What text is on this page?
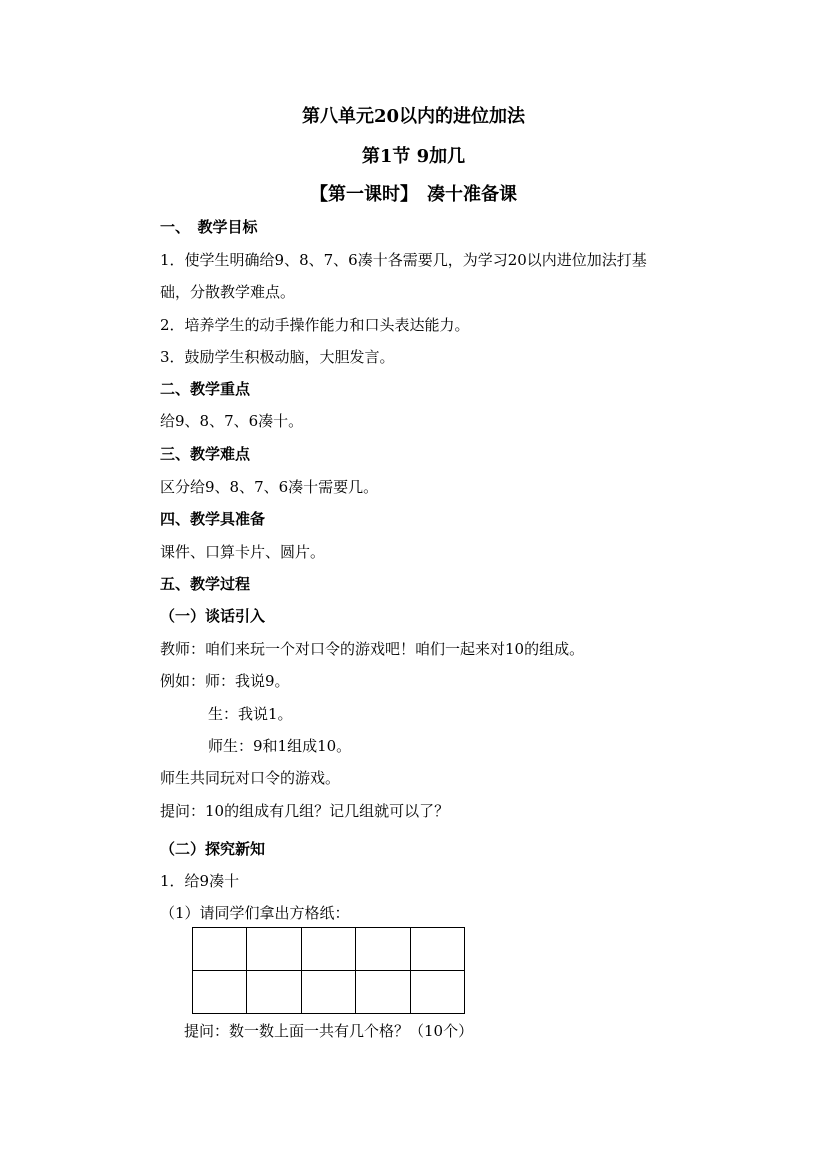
第八单元20以内的进位加法
第1节 9加几
【第一课时】　凑十准备课
一、　教学目标
1．使学生明确给9、8、7、6凑十各需要几，为学习20以内进位加法打基
础，分散教学难点。
2．培养学生的动手操作能力和口头表达能力。
3．鼓励学生积极动脑，大胆发言。
二、教学重点
给9、8、7、6凑十。
三、教学难点
区分给9、8、7、6凑十需要几。
四、教学具准备
课件、口算卡片、圆片。
五、教学过程
（一）谈话引入
教师：咱们来玩一个对口令的游戏吧！咱们一起来对10的组成。
例如：师：我说9。
生：我说1。
师生：9和1组成10。
师生共同玩对口令的游戏。
提问：10的组成有几组？记几组就可以了？
（二）探究新知
1．给9凑十
（1）请同学们拿出方格纸：
提问：数一数上面一共有几个格？（10个）
